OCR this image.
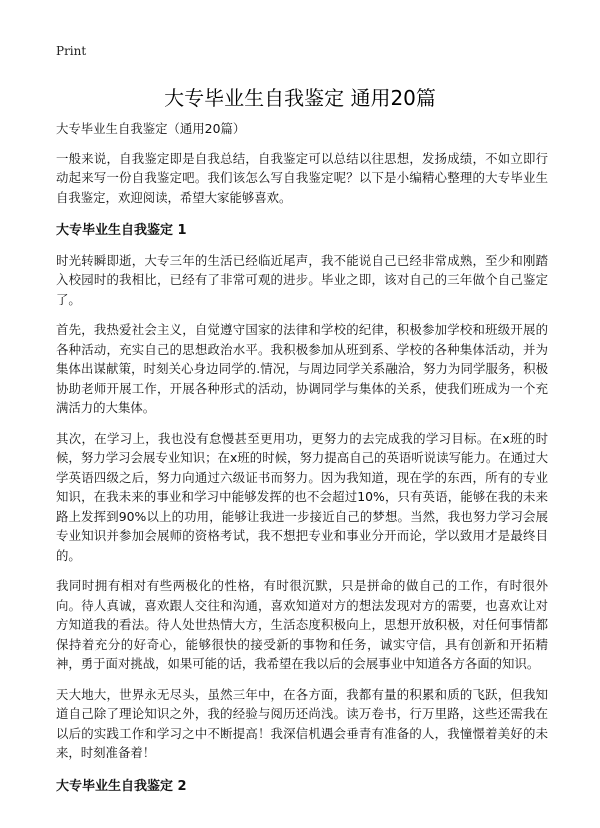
Print
大专毕业生自我鉴定 通用20篇

大专毕业生自我鉴定（通用20篇）

一般来说，自我鉴定即是自我总结，自我鉴定可以总结以往思想，发扬成绩，不如立即行动起来写一份自我鉴定吧。我们该怎么写自我鉴定呢？以下是小编精心整理的大专毕业生自我鉴定，欢迎阅读，希望大家能够喜欢。

大专毕业生自我鉴定 1

时光转瞬即逝，大专三年的生活已经临近尾声，我不能说自己已经非常成熟，至少和刚踏入校园时的我相比，已经有了非常可观的进步。毕业之即，该对自己的三年做个自己鉴定了。

首先，我热爱社会主义，自觉遵守国家的法律和学校的纪律，积极参加学校和班级开展的各种活动，充实自己的思想政治水平。我积极参加从班到系、学校的各种集体活动，并为集体出谋献策，时刻关心身边同学的.情况，与周边同学关系融洽，努力为同学服务，积极协助老师开展工作，开展各种形式的活动，协调同学与集体的关系，使我们班成为一个充满活力的大集体。

其次，在学习上，我也没有怠慢甚至更用功，更努力的去完成我的学习目标。在x班的时候，努力学习会展专业知识；在x班的时候，努力提高自己的英语听说读写能力。在通过大学英语四级之后，努力向通过六级证书而努力。因为我知道，现在学的东西，所有的专业知识，在我未来的事业和学习中能够发挥的也不会超过10%，只有英语，能够在我的未来路上发挥到90%以上的功用，能够让我进一步接近自己的梦想。当然，我也努力学习会展专业知识并参加会展师的资格考试，我不想把专业和事业分开而论，学以致用才是最终目的。

我同时拥有相对有些两极化的性格，有时很沉默，只是拼命的做自己的工作，有时很外向。待人真诚，喜欢跟人交往和沟通，喜欢知道对方的想法发现对方的需要，也喜欢让对方知道我的看法。待人处世热情大方，生活态度积极向上，思想开放积极，对任何事情都保持着充分的好奇心，能够很快的接受新的事物和任务，诚实守信，具有创新和开拓精神，勇于面对挑战，如果可能的话，我希望在我以后的会展事业中知道各方各面的知识。

天大地大，世界永无尽头，虽然三年中，在各方面，我都有量的积累和质的飞跃，但我知道自己除了理论知识之外，我的经验与阅历还尚浅。读万卷书，行万里路，这些还需我在以后的实践工作和学习之中不断提高！我深信机遇会垂青有准备的人，我憧憬着美好的未来，时刻准备着！

大专毕业生自我鉴定 2
